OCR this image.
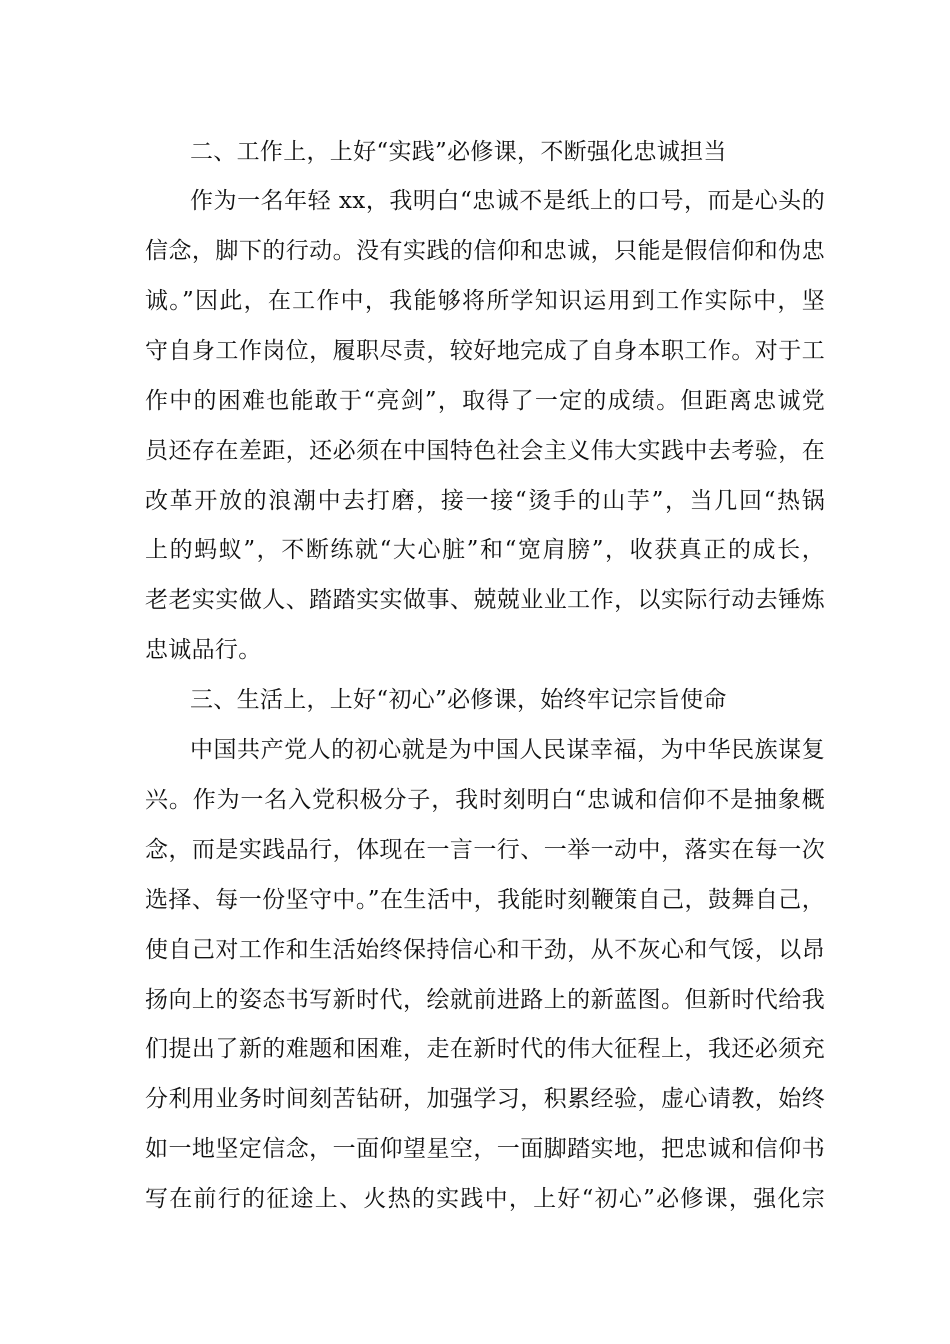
二、工作上，上好“实践”必修课，不断强化忠诚担当
作为一名年轻 xx，我明白“忠诚不是纸上的口号，而是心头的
信念，脚下的行动。没有实践的信仰和忠诚，只能是假信仰和伪忠
诚。”因此，在工作中，我能够将所学知识运用到工作实际中，坚
守自身工作岗位，履职尽责，较好地完成了自身本职工作。对于工
作中的困难也能敢于“亮剑”，取得了一定的成绩。但距离忠诚党
员还存在差距，还必须在中国特色社会主义伟大实践中去考验，在
改革开放的浪潮中去打磨，接一接“烫手的山芋”，当几回“热锅
上的蚂蚁”，不断练就“大心脏”和“宽肩膀”，收获真正的成长，
老老实实做人、踏踏实实做事、兢兢业业工作，以实际行动去锤炼
忠诚品行。
三、生活上，上好“初心”必修课，始终牢记宗旨使命
中国共产党人的初心就是为中国人民谋幸福，为中华民族谋复
兴。作为一名入党积极分子，我时刻明白“忠诚和信仰不是抽象概
念，而是实践品行，体现在一言一行、一举一动中，落实在每一次
选择、每一份坚守中。”在生活中，我能时刻鞭策自己，鼓舞自己，
使自己对工作和生活始终保持信心和干劲，从不灰心和气馁，以昂
扬向上的姿态书写新时代，绘就前进路上的新蓝图。但新时代给我
们提出了新的难题和困难，走在新时代的伟大征程上，我还必须充
分利用业务时间刻苦钻研，加强学习，积累经验，虚心请教，始终
如一地坚定信念，一面仰望星空，一面脚踏实地，把忠诚和信仰书
写在前行的征途上、火热的实践中，上好“初心”必修课，强化宗
